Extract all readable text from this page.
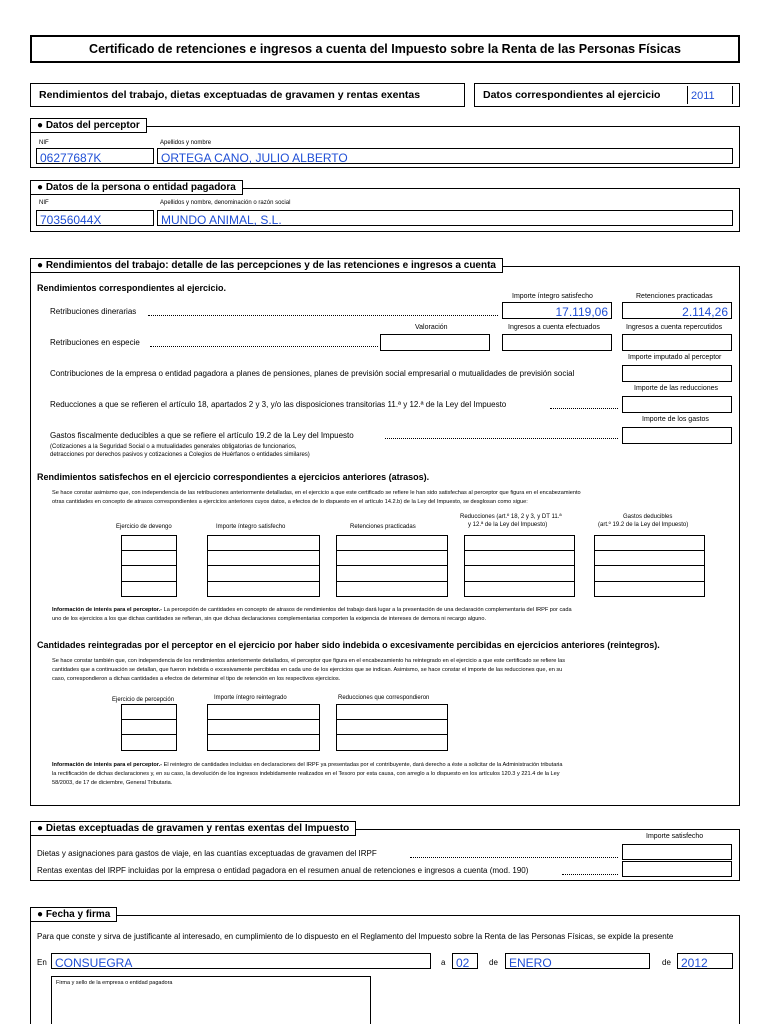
Certificado de retenciones e ingresos a cuenta del Impuesto sobre la Renta de las Personas Físicas
Rendimientos del trabajo, dietas exceptuadas de gravamen y rentas exentas	Datos correspondientes al ejercicio	2011
● Datos del perceptor
NIF
06277687K
Apellidos y nombre
ORTEGA CANO, JULIO ALBERTO
● Datos de la persona o entidad pagadora
NIF
70356044X
Apellidos y nombre, denominación o razón social
MUNDO ANIMAL, S.L.
● Rendimientos del trabajo: detalle de las percepciones y de las retenciones e ingresos a cuenta
Rendimientos correspondientes al ejercicio.
Importe íntegro satisfecho	Retenciones practicadas
Retribuciones dinerarias	17.119,06	2.114,26
Valoración	Ingresos a cuenta efectuados	Ingresos a cuenta repercutidos
Retribuciones en especie
Importe imputado al perceptor
Contribuciones de la empresa o entidad pagadora a planes de pensiones, planes de previsión social empresarial o mutualidades de previsión social
Importe de las reducciones
Reducciones a que se refieren el artículo 18, apartados 2 y 3, y/o las disposiciones transitorias 11.ª y 12.ª de la Ley del Impuesto
Importe de los gastos
Gastos fiscalmente deducibles a que se refiere el artículo 19.2 de la Ley del Impuesto
(Cotizaciones a la Seguridad Social o a mutualidades generales obligatorias de funcionarios,
detracciones por derechos pasivos y cotizaciones a Colegios de Huérfanos o entidades similares)
Rendimientos satisfechos en el ejercicio correspondientes a ejercicios anteriores (atrasos).
Se hace constar asimismo que, con independencia de las retribuciones anteriormente detalladas, en el ejercicio a que este certificado se refiere le han sido satisfechas al perceptor que figura en el encabezamiento
otras cantidades en concepto de atrasos correspondientes a ejercicios anteriores cuyos datos, a efectos de lo dispuesto en el artículo 14.2.b) de la Ley del Impuesto, se desglosan como sigue:
Ejercicio de devengo	Importe íntegro satisfecho	Retenciones practicadas
Reducciones (art.º 18, 2 y 3, y DT 11.ª
y 12.ª de la Ley del Impuesto)
Gastos deducibles
(art.º 19.2 de la Ley del Impuesto)
Información de interés para el perceptor.- La percepción de cantidades en concepto de atrasos de rendimientos del trabajo dará lugar a la presentación de una declaración complementaria del IRPF por cada
uno de los ejercicios a los que dichas cantidades se refieran, sin que dichas declaraciones complementarias comporten la exigencia de intereses de demora ni recargo alguno.
Cantidades reintegradas por el perceptor en el ejercicio por haber sido indebida o excesivamente percibidas en ejercicios anteriores (reintegros).
Se hace constar también que, con independencia de los rendimientos anteriormente detallados, el perceptor que figura en el encabezamiento ha reintegrado en el ejercicio a que este certificado se refiere las
cantidades que a continuación se detallan, que fueron indebida o excesivamente percibidas en cada uno de los ejercicios que se indican. Asimismo, se hace constar el importe de las reducciones que, en su
caso, correspondieron a dichas cantidades a efectos de determinar el tipo de retención en los respectivos ejercicios.
Ejercicio de percepción	Importe íntegro reintegrado	Reducciones que correspondieron
Información de interés para el perceptor.- El reintegro de cantidades incluidas en declaraciones del IRPF ya presentadas por el contribuyente, dará derecho a éste a solicitar de la Administración tributaria
la rectificación de dichas declaraciones y, en su caso, la devolución de los ingresos indebidamente realizados en el Tesoro por esta causa, con arreglo a lo dispuesto en los artículos 120.3 y 221.4 de la Ley
58/2003, de 17 de diciembre, General Tributaria.
● Dietas exceptuadas de gravamen y rentas exentas del Impuesto
Importe satisfecho
Dietas y asignaciones para gastos de viaje, en las cuantías exceptuadas de gravamen del IRPF
Rentas exentas del IRPF incluidas por la empresa o entidad pagadora en el resumen anual de retenciones e ingresos a cuenta (mod. 190)
● Fecha y firma
Para que conste y sirva de justificante al interesado, en cumplimiento de lo dispuesto en el Reglamento del Impuesto sobre la Renta de las Personas Físicas, se expide la presente
En CONSUEGRA	a 02	de ENERO	de 2012
Firma y sello de la empresa o entidad pagadora
